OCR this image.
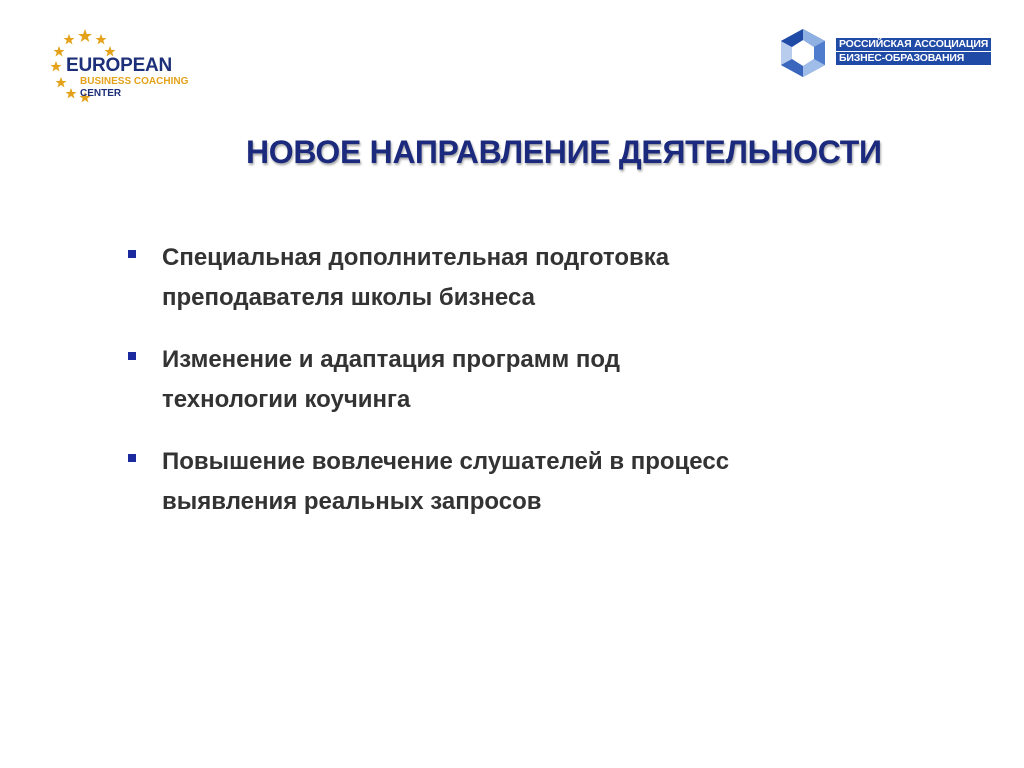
EUROPEAN
BUSINESS COACHING
CENTER
РОССИЙСКАЯ АССОЦИАЦИЯ
БИЗНЕС-ОБРАЗОВАНИЯ
НОВОЕ НАПРАВЛЕНИЕ ДЕЯТЕЛЬНОСТИ
Специальная дополнительная подготовка
преподавателя школы бизнеса
Изменение и адаптация программ под
технологии коучинга
Повышение вовлечение слушателей в процесс
выявления реальных запросов
